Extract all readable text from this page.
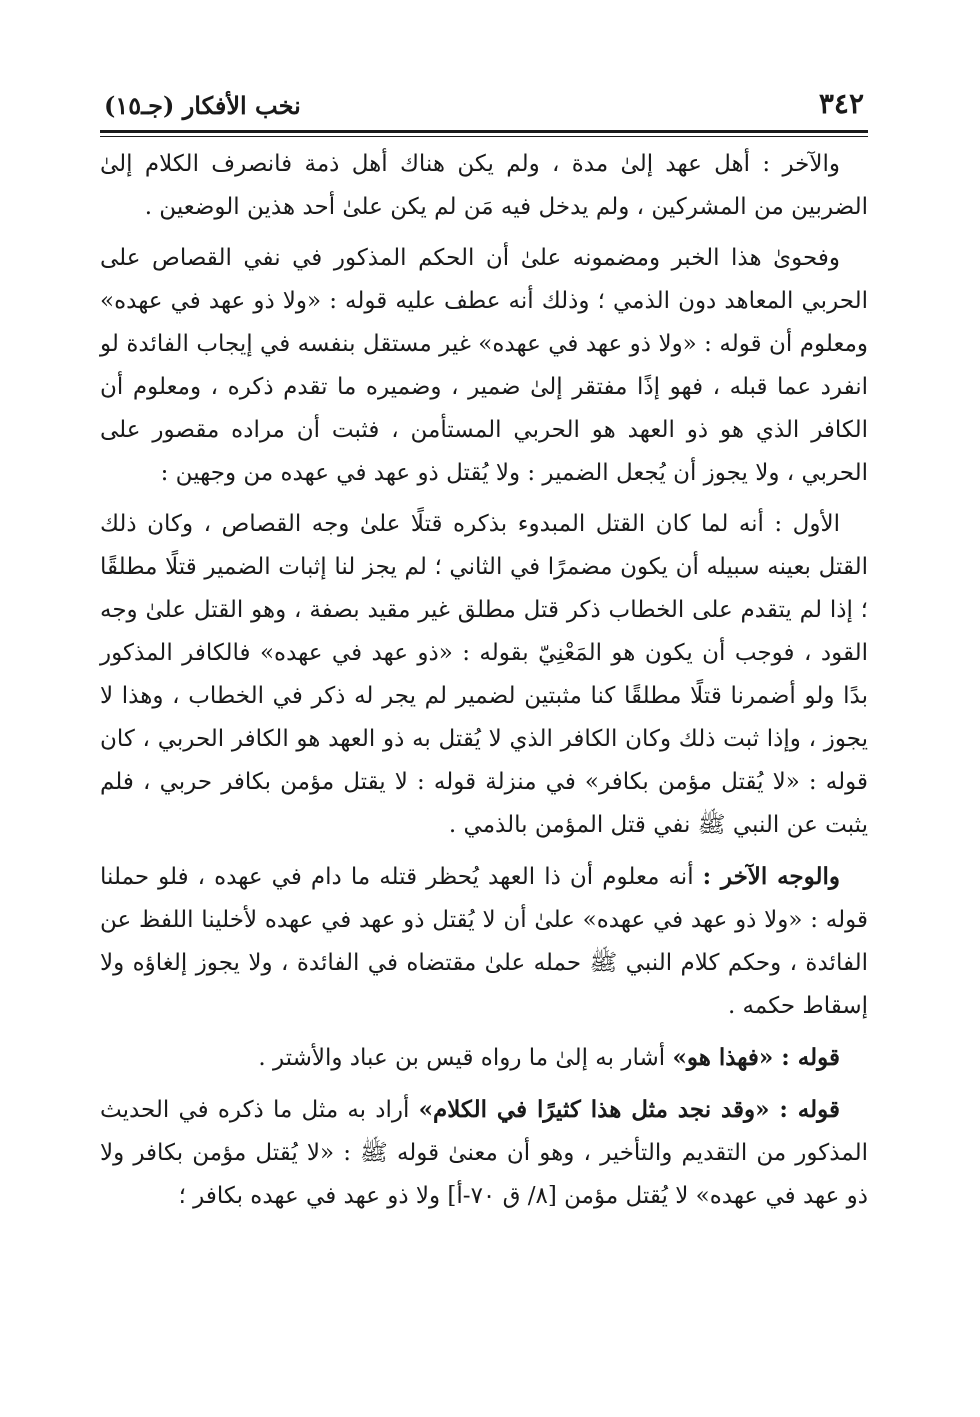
٣٤٢
نخب الأفكار (جـ١٥)

والآخر : أهل عهد إلىٰ مدة ، ولم يكن هناك أهل ذمة فانصرف الكلام إلىٰ الضربين من المشركين ، ولم يدخل فيه مَن لم يكن علىٰ أحد هذين الوضعين .

وفحوىٰ هذا الخبر ومضمونه علىٰ أن الحكم المذكور في نفي القصاص على الحربي المعاهد دون الذمي ؛ وذلك أنه عطف عليه قوله : «ولا ذو عهد في عهده» ومعلوم أن قوله : «ولا ذو عهد في عهده» غير مستقل بنفسه في إيجاب الفائدة لو انفرد عما قبله ، فهو إذًا مفتقر إلىٰ ضمير ، وضميره ما تقدم ذكره ، ومعلوم أن الكافر الذي هو ذو العهد هو الحربي المستأمن ، فثبت أن مراده مقصور على الحربي ، ولا يجوز أن يُجعل الضمير : ولا يُقتل ذو عهد في عهده من وجهين :

الأول : أنه لما كان القتل المبدوء بذكره قتلًا علىٰ وجه القصاص ، وكان ذلك القتل بعينه سبيله أن يكون مضمرًا في الثاني ؛ لم يجز لنا إثبات الضمير قتلًا مطلقًا ؛ إذا لم يتقدم على الخطاب ذكر قتل مطلق غير مقيد بصفة ، وهو القتل علىٰ وجه القود ، فوجب أن يكون هو المَعْنِيّ بقوله : «ذو عهد في عهده» فالكافر المذكور بدًا ولو أضمرنا قتلًا مطلقًا كنا مثبتين لضمير لم يجر له ذكر في الخطاب ، وهذا لا يجوز ، وإذا ثبت ذلك وكان الكافر الذي لا يُقتل به ذو العهد هو الكافر الحربي ، كان قوله : «لا يُقتل مؤمن بكافر» في منزلة قوله : لا يقتل مؤمن بكافر حربي ، فلم يثبت عن النبي ﷺ نفي قتل المؤمن بالذمي .

والوجه الآخر : أنه معلوم أن ذا العهد يُحظر قتله ما دام في عهده ، فلو حملنا قوله : «ولا ذو عهد في عهده» علىٰ أن لا يُقتل ذو عهد في عهده لأخلينا اللفظ عن الفائدة ، وحكم كلام النبي ﷺ حمله علىٰ مقتضاه في الفائدة ، ولا يجوز إلغاؤه ولا إسقاط حكمه .

قوله : «فهذا هو» أشار به إلىٰ ما رواه قيس بن عباد والأشتر .

قوله : «وقد نجد مثل هذا كثيرًا في الكلام» أراد به مثل ما ذكره في الحديث المذكور من التقديم والتأخير ، وهو أن معنىٰ قوله ﷺ : «لا يُقتل مؤمن بكافر ولا ذو عهد في عهده» لا يُقتل مؤمن [٨/ ق ٧٠-أ] ولا ذو عهد في عهده بكافر ؛
